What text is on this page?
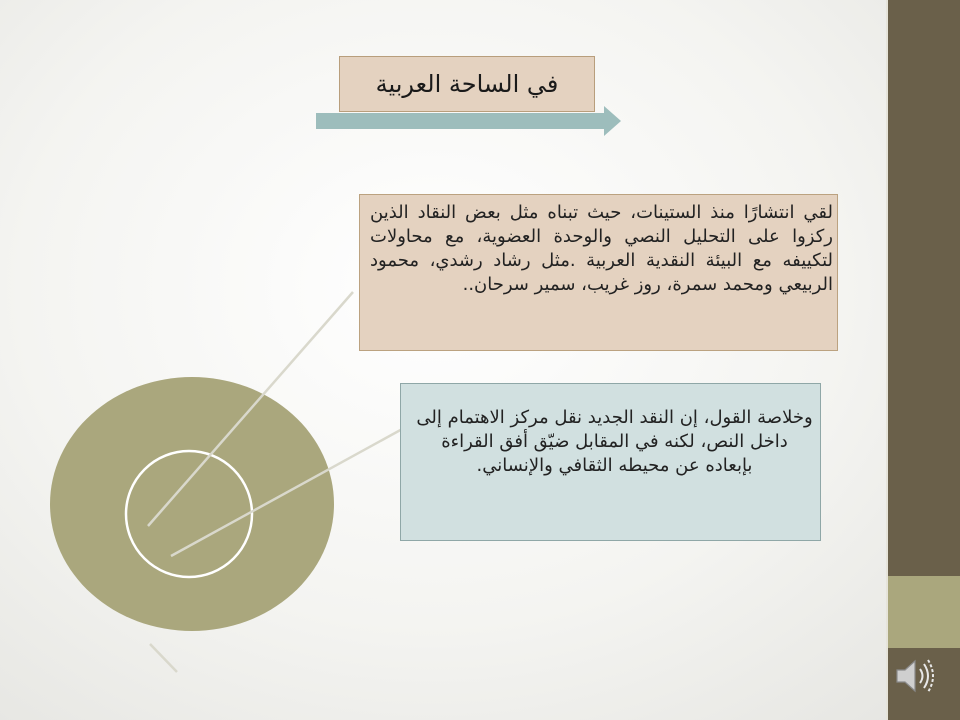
في الساحة العربية

لقي انتشارًا منذ الستينات، حيث تبناه مثل بعض النقاد الذين ركزوا على التحليل النصي والوحدة العضوية، مع محاولات لتكييفه مع البيئة النقدية العربية .مثل رشاد رشدي، محمود الربيعي ومحمد سمرة، روز غريب، سمير سرحان..

وخلاصة القول، إن النقد الجديد نقل مركز الاهتمام إلى داخل النص، لكنه في المقابل ضيّق أفق القراءة بإبعاده عن محيطه الثقافي والإنساني.
